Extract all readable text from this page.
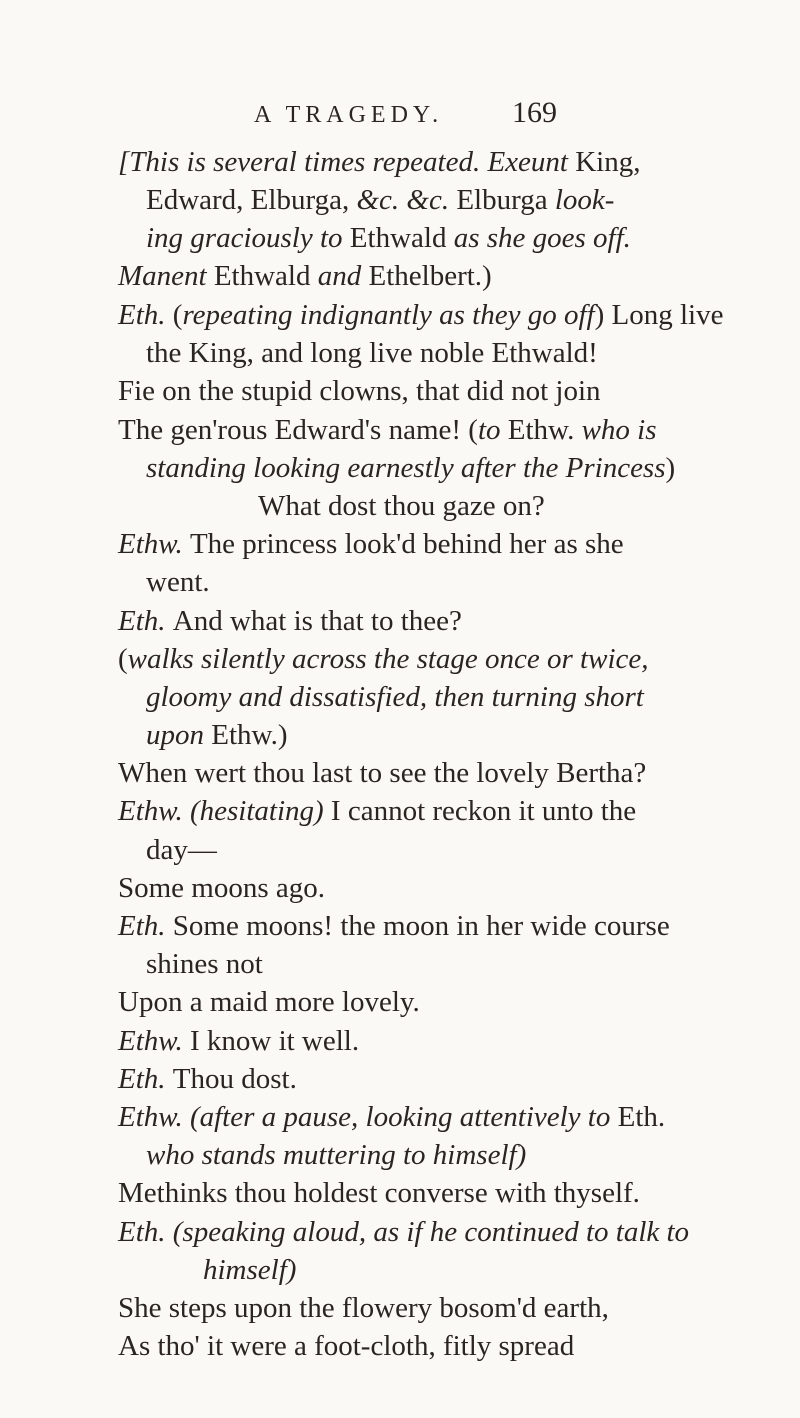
A TRAGEDY. 169
[This is several times repeated. Exeunt King,
Edward, Elburga, &c. &c. Elburga look-
ing graciously to Ethwald as she goes off.
Manent Ethwald and Ethelbert.)
Eth. (repeating indignantly as they go off) Long live
the King, and long live noble Ethwald!
Fie on the stupid clowns, that did not join
The gen'rous Edward's name! (to Ethw. who is
standing looking earnestly after the Princess)
What dost thou gaze on?
Ethw. The princess look'd behind her as she
went.
Eth. And what is that to thee?
(walks silently across the stage once or twice,
gloomy and dissatisfied, then turning short
upon Ethw.)
When wert thou last to see the lovely Bertha?
Ethw. (hesitating) I cannot reckon it unto the
day—
Some moons ago.
Eth. Some moons! the moon in her wide course
shines not
Upon a maid more lovely.
Ethw. I know it well.
Eth. Thou dost.
Ethw. (after a pause, looking attentively to Eth.
who stands muttering to himself)
Methinks thou holdest converse with thyself.
Eth. (speaking aloud, as if he continued to talk to
himself)
She steps upon the flowery bosom'd earth,
As tho' it were a foot-cloth, fitly spread
